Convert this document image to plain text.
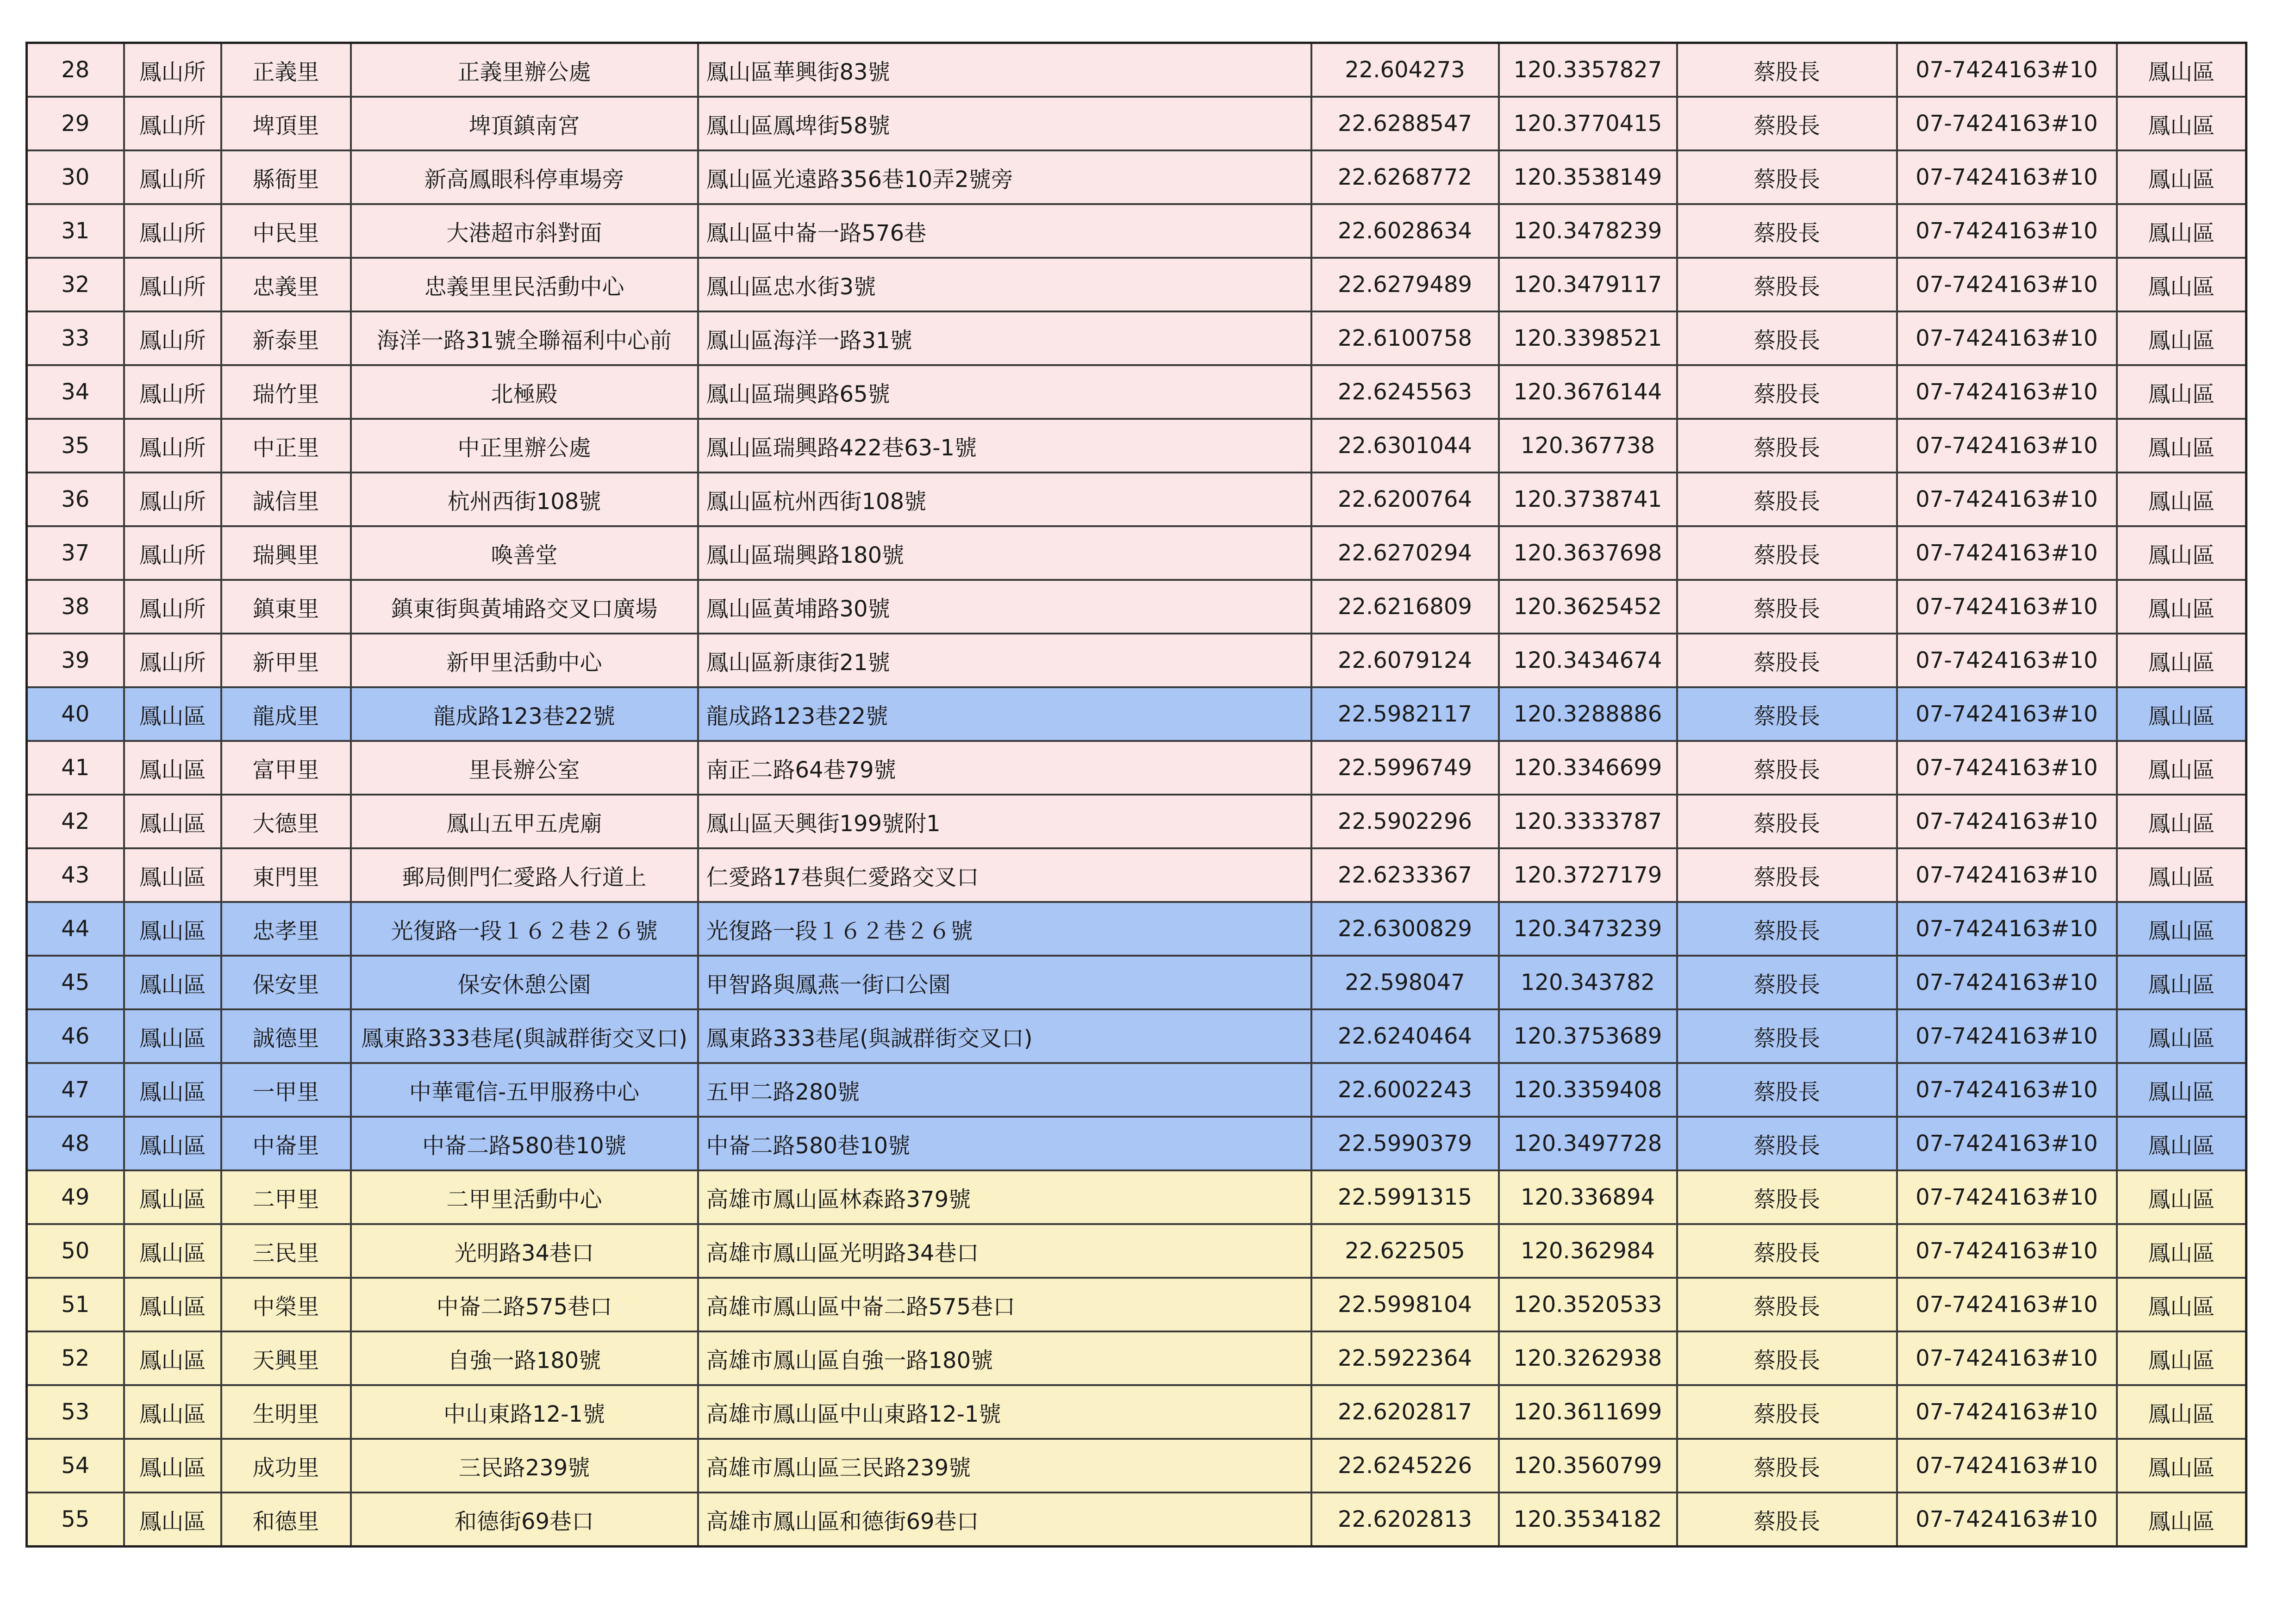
28	鳳山所	正義里	正義里辦公處	鳳山區華興街83號	22.604273	120.3357827	蔡股長	07-7424163#10	鳳山區
29	鳳山所	埤頂里	埤頂鎮南宮	鳳山區鳳埤街58號	22.6288547	120.3770415	蔡股長	07-7424163#10	鳳山區
30	鳳山所	縣衙里	新高鳳眼科停車場旁	鳳山區光遠路356巷10弄2號旁	22.6268772	120.3538149	蔡股長	07-7424163#10	鳳山區
31	鳳山所	中民里	大港超市斜對面	鳳山區中崙一路576巷	22.6028634	120.3478239	蔡股長	07-7424163#10	鳳山區
32	鳳山所	忠義里	忠義里里民活動中心	鳳山區忠水街3號	22.6279489	120.3479117	蔡股長	07-7424163#10	鳳山區
33	鳳山所	新泰里	海洋一路31號全聯福利中心前	鳳山區海洋一路31號	22.6100758	120.3398521	蔡股長	07-7424163#10	鳳山區
34	鳳山所	瑞竹里	北極殿	鳳山區瑞興路65號	22.6245563	120.3676144	蔡股長	07-7424163#10	鳳山區
35	鳳山所	中正里	中正里辦公處	鳳山區瑞興路422巷63-1號	22.6301044	120.367738	蔡股長	07-7424163#10	鳳山區
36	鳳山所	誠信里	杭州西街108號	鳳山區杭州西街108號	22.6200764	120.3738741	蔡股長	07-7424163#10	鳳山區
37	鳳山所	瑞興里	喚善堂	鳳山區瑞興路180號	22.6270294	120.3637698	蔡股長	07-7424163#10	鳳山區
38	鳳山所	鎮東里	鎮東街與黃埔路交叉口廣場	鳳山區黃埔路30號	22.6216809	120.3625452	蔡股長	07-7424163#10	鳳山區
39	鳳山所	新甲里	新甲里活動中心	鳳山區新康街21號	22.6079124	120.3434674	蔡股長	07-7424163#10	鳳山區
40	鳳山區	龍成里	龍成路123巷22號	龍成路123巷22號	22.5982117	120.3288886	蔡股長	07-7424163#10	鳳山區
41	鳳山區	富甲里	里長辦公室	南正二路64巷79號	22.5996749	120.3346699	蔡股長	07-7424163#10	鳳山區
42	鳳山區	大德里	鳳山五甲五虎廟	鳳山區天興街199號附1	22.5902296	120.3333787	蔡股長	07-7424163#10	鳳山區
43	鳳山區	東門里	郵局側門仁愛路人行道上	仁愛路17巷與仁愛路交叉口	22.6233367	120.3727179	蔡股長	07-7424163#10	鳳山區
44	鳳山區	忠孝里	光復路一段１６２巷２６號	光復路一段１６２巷２６號	22.6300829	120.3473239	蔡股長	07-7424163#10	鳳山區
45	鳳山區	保安里	保安休憩公園	甲智路與鳳燕一街口公園	22.598047	120.343782	蔡股長	07-7424163#10	鳳山區
46	鳳山區	誠德里	鳳東路333巷尾(與誠群街交叉口)	鳳東路333巷尾(與誠群街交叉口)	22.6240464	120.3753689	蔡股長	07-7424163#10	鳳山區
47	鳳山區	一甲里	中華電信-五甲服務中心	五甲二路280號	22.6002243	120.3359408	蔡股長	07-7424163#10	鳳山區
48	鳳山區	中崙里	中崙二路580巷10號	中崙二路580巷10號	22.5990379	120.3497728	蔡股長	07-7424163#10	鳳山區
49	鳳山區	二甲里	二甲里活動中心	高雄市鳳山區林森路379號	22.5991315	120.336894	蔡股長	07-7424163#10	鳳山區
50	鳳山區	三民里	光明路34巷口	高雄市鳳山區光明路34巷口	22.622505	120.362984	蔡股長	07-7424163#10	鳳山區
51	鳳山區	中榮里	中崙二路575巷口	高雄市鳳山區中崙二路575巷口	22.5998104	120.3520533	蔡股長	07-7424163#10	鳳山區
52	鳳山區	天興里	自強一路180號	高雄市鳳山區自強一路180號	22.5922364	120.3262938	蔡股長	07-7424163#10	鳳山區
53	鳳山區	生明里	中山東路12-1號	高雄市鳳山區中山東路12-1號	22.6202817	120.3611699	蔡股長	07-7424163#10	鳳山區
54	鳳山區	成功里	三民路239號	高雄市鳳山區三民路239號	22.6245226	120.3560799	蔡股長	07-7424163#10	鳳山區
55	鳳山區	和德里	和德街69巷口	高雄市鳳山區和德街69巷口	22.6202813	120.3534182	蔡股長	07-7424163#10	鳳山區
